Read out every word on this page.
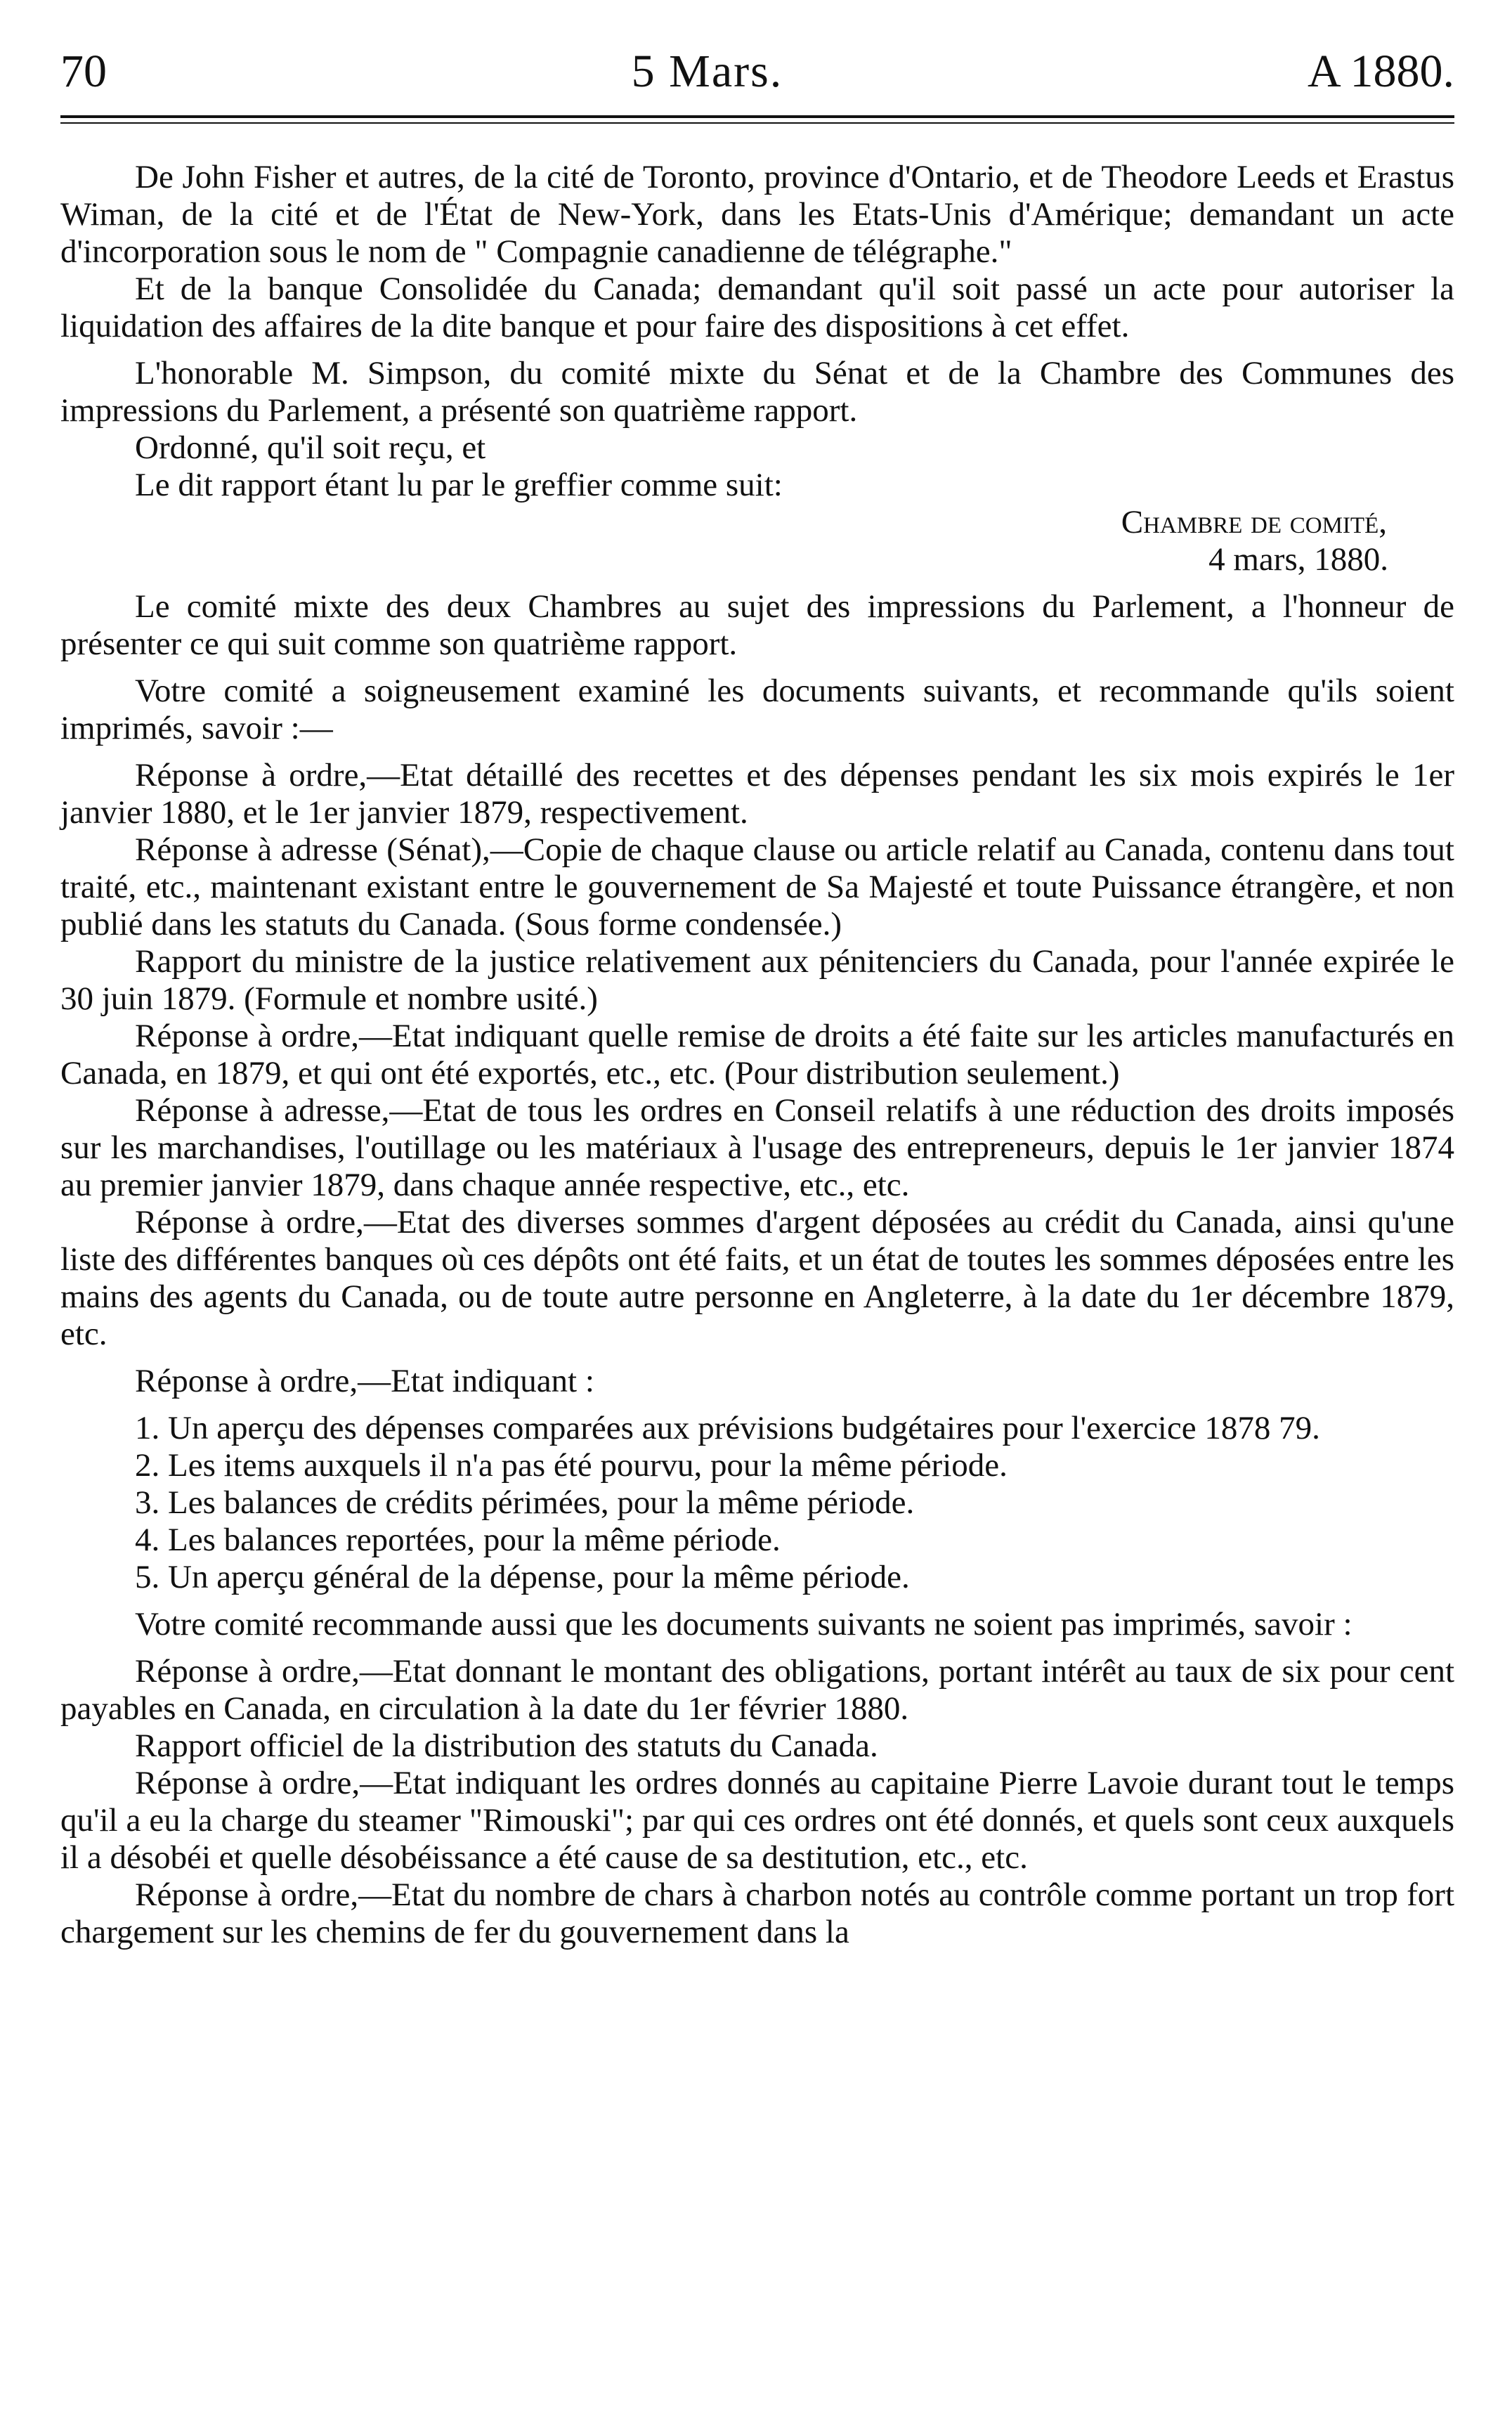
70	5 Mars.	A 1880.

De John Fisher et autres, de la cité de Toronto, province d'Ontario, et de Theodore Leeds et Erastus Wiman, de la cité et de l'État de New-York, dans les Etats-Unis d'Amérique; demandant un acte d'incorporation sous le nom de " Compagnie canadienne de télégraphe."

Et de la banque Consolidée du Canada; demandant qu'il soit passé un acte pour autoriser la liquidation des affaires de la dite banque et pour faire des dispositions à cet effet.

L'honorable M. Simpson, du comité mixte du Sénat et de la Chambre des Communes des impressions du Parlement, a présenté son quatrième rapport.

Ordonné, qu'il soit reçu, et

Le dit rapport étant lu par le greffier comme suit:

Chambre de comité,

4 mars, 1880.

Le comité mixte des deux Chambres au sujet des impressions du Parlement, a l'honneur de présenter ce qui suit comme son quatrième rapport.

Votre comité a soigneusement examiné les documents suivants, et recommande qu'ils soient imprimés, savoir :—

Réponse à ordre,—Etat détaillé des recettes et des dépenses pendant les six mois expirés le 1er janvier 1880, et le 1er janvier 1879, respectivement.

Réponse à adresse (Sénat),—Copie de chaque clause ou article relatif au Canada, contenu dans tout traité, etc., maintenant existant entre le gouvernement de Sa Majesté et toute Puissance étrangère, et non publié dans les statuts du Canada. (Sous forme condensée.)

Rapport du ministre de la justice relativement aux pénitenciers du Canada, pour l'année expirée le 30 juin 1879. (Formule et nombre usité.)

Réponse à ordre,—Etat indiquant quelle remise de droits a été faite sur les articles manufacturés en Canada, en 1879, et qui ont été exportés, etc., etc. (Pour distribution seulement.)

Réponse à adresse,—Etat de tous les ordres en Conseil relatifs à une réduction des droits imposés sur les marchandises, l'outillage ou les matériaux à l'usage des entrepreneurs, depuis le 1er janvier 1874 au premier janvier 1879, dans chaque année respective, etc., etc.

Réponse à ordre,—Etat des diverses sommes d'argent déposées au crédit du Canada, ainsi qu'une liste des différentes banques où ces dépôts ont été faits, et un état de toutes les sommes déposées entre les mains des agents du Canada, ou de toute autre personne en Angleterre, à la date du 1er décembre 1879, etc.

Réponse à ordre,—Etat indiquant :

1. Un aperçu des dépenses comparées aux prévisions budgétaires pour l'exercice 1878 79.

2. Les items auxquels il n'a pas été pourvu, pour la même période.

3. Les balances de crédits périmées, pour la même période.

4. Les balances reportées, pour la même période.

5. Un aperçu général de la dépense, pour la même période.

Votre comité recommande aussi que les documents suivants ne soient pas imprimés, savoir :

Réponse à ordre,—Etat donnant le montant des obligations, portant intérêt au taux de six pour cent payables en Canada, en circulation à la date du 1er février 1880.

Rapport officiel de la distribution des statuts du Canada.

Réponse à ordre,—Etat indiquant les ordres donnés au capitaine Pierre Lavoie durant tout le temps qu'il a eu la charge du steamer "Rimouski"; par qui ces ordres ont été donnés, et quels sont ceux auxquels il a désobéi et quelle désobéissance a été cause de sa destitution, etc., etc.

Réponse à ordre,—Etat du nombre de chars à charbon notés au contrôle comme portant un trop fort chargement sur les chemins de fer du gouvernement dans la
